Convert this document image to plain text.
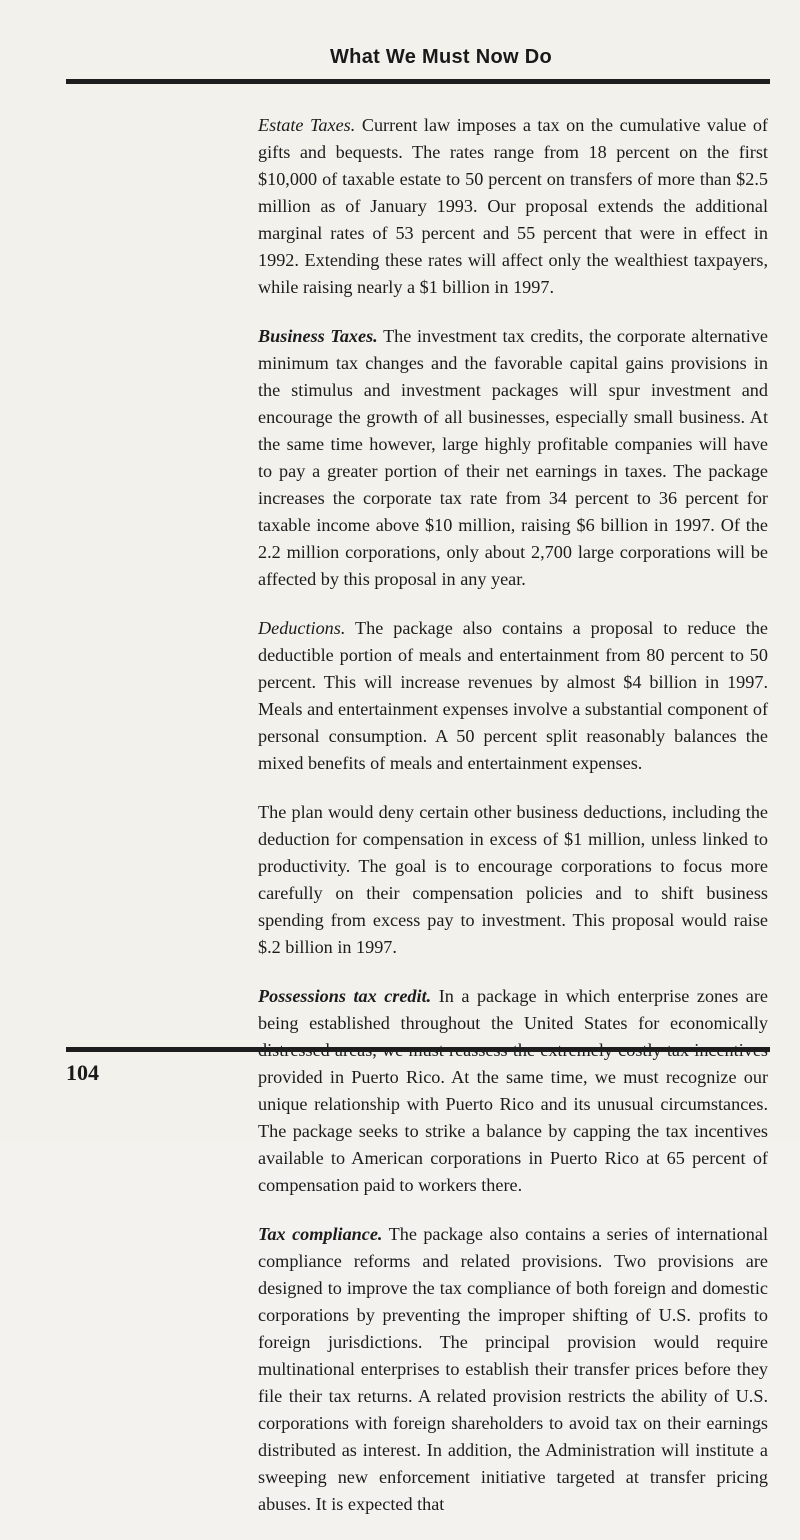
What We Must Now Do

Estate Taxes. Current law imposes a tax on the cumulative value of gifts and bequests. The rates range from 18 percent on the first $10,000 of taxable estate to 50 percent on transfers of more than $2.5 million as of January 1993. Our proposal extends the additional marginal rates of 53 percent and 55 percent that were in effect in 1992. Extending these rates will affect only the wealthiest taxpayers, while raising nearly a $1 billion in 1997.

Business Taxes. The investment tax credits, the corporate alternative minimum tax changes and the favorable capital gains provisions in the stimulus and investment packages will spur investment and encourage the growth of all businesses, especially small business. At the same time however, large highly profitable companies will have to pay a greater portion of their net earnings in taxes. The package increases the corporate tax rate from 34 percent to 36 percent for taxable income above $10 million, raising $6 billion in 1997. Of the 2.2 million corporations, only about 2,700 large corporations will be affected by this proposal in any year.

Deductions. The package also contains a proposal to reduce the deductible portion of meals and entertainment from 80 percent to 50 percent. This will increase revenues by almost $4 billion in 1997. Meals and entertainment expenses involve a substantial component of personal consumption. A 50 percent split reasonably balances the mixed benefits of meals and entertainment expenses.

The plan would deny certain other business deductions, including the deduction for compensation in excess of $1 million, unless linked to productivity. The goal is to encourage corporations to focus more carefully on their compensation policies and to shift business spending from excess pay to investment. This proposal would raise $.2 billion in 1997.

Possessions tax credit. In a package in which enterprise zones are being established throughout the United States for economically provided in Puerto Rico. At the same time, we must recognize our unique relationship with Puerto Rico and its unusual circumstances. The package seeks to strike a balance by capping the tax incentives available to American corporations in Puerto Rico at 65 percent of compensation paid to workers there.

Tax compliance. The package also contains a series of international compliance reforms and related provisions. Two provisions are designed to improve the tax compliance of both foreign and domestic corporations by preventing the improper shifting of U.S. profits to foreign jurisdictions. The principal provision would require multinational enterprises to establish their transfer prices before they file their tax returns. A related provision restricts the ability of U.S. corporations with foreign shareholders to avoid tax on their earnings distributed as interest. In addition, the Administration will institute a sweeping new enforcement initiative targeted at transfer pricing abuses. It is expected that

104
